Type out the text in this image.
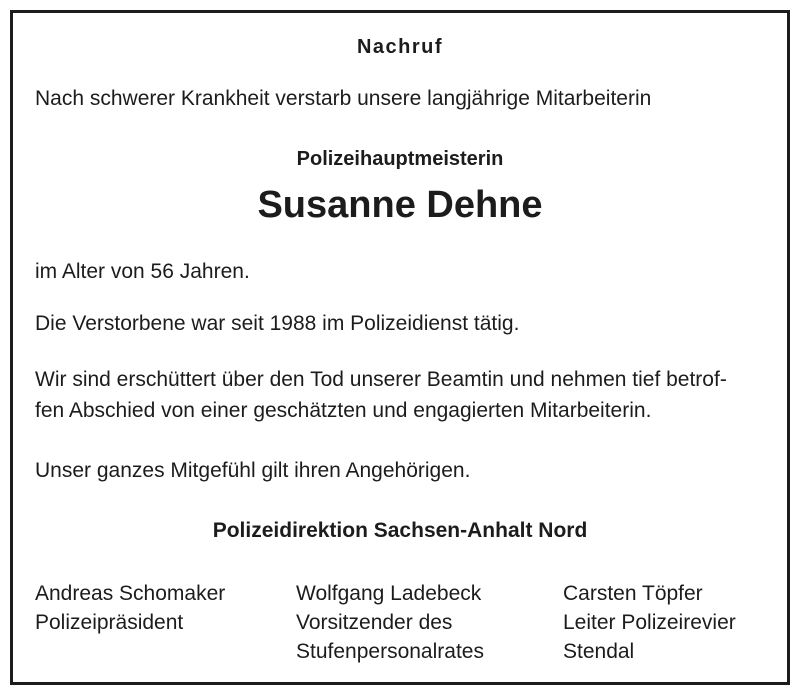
Nachruf
Nach schwerer Krankheit verstarb unsere langjährige Mitarbeiterin
Polizeihauptmeisterin
Susanne Dehne
im Alter von 56 Jahren.
Die Verstorbene war seit 1988 im Polizeidienst tätig.
Wir sind erschüttert über den Tod unserer Beamtin und nehmen tief betrof-
fen Abschied von einer geschätzten und engagierten Mitarbeiterin.
Unser ganzes Mitgefühl gilt ihren Angehörigen.
Polizeidirektion Sachsen-Anhalt Nord
Andreas Schomaker
Polizeipräsident
Wolfgang Ladebeck
Vorsitzender des
Stufenpersonalrates
Carsten Töpfer
Leiter Polizeirevier
Stendal
